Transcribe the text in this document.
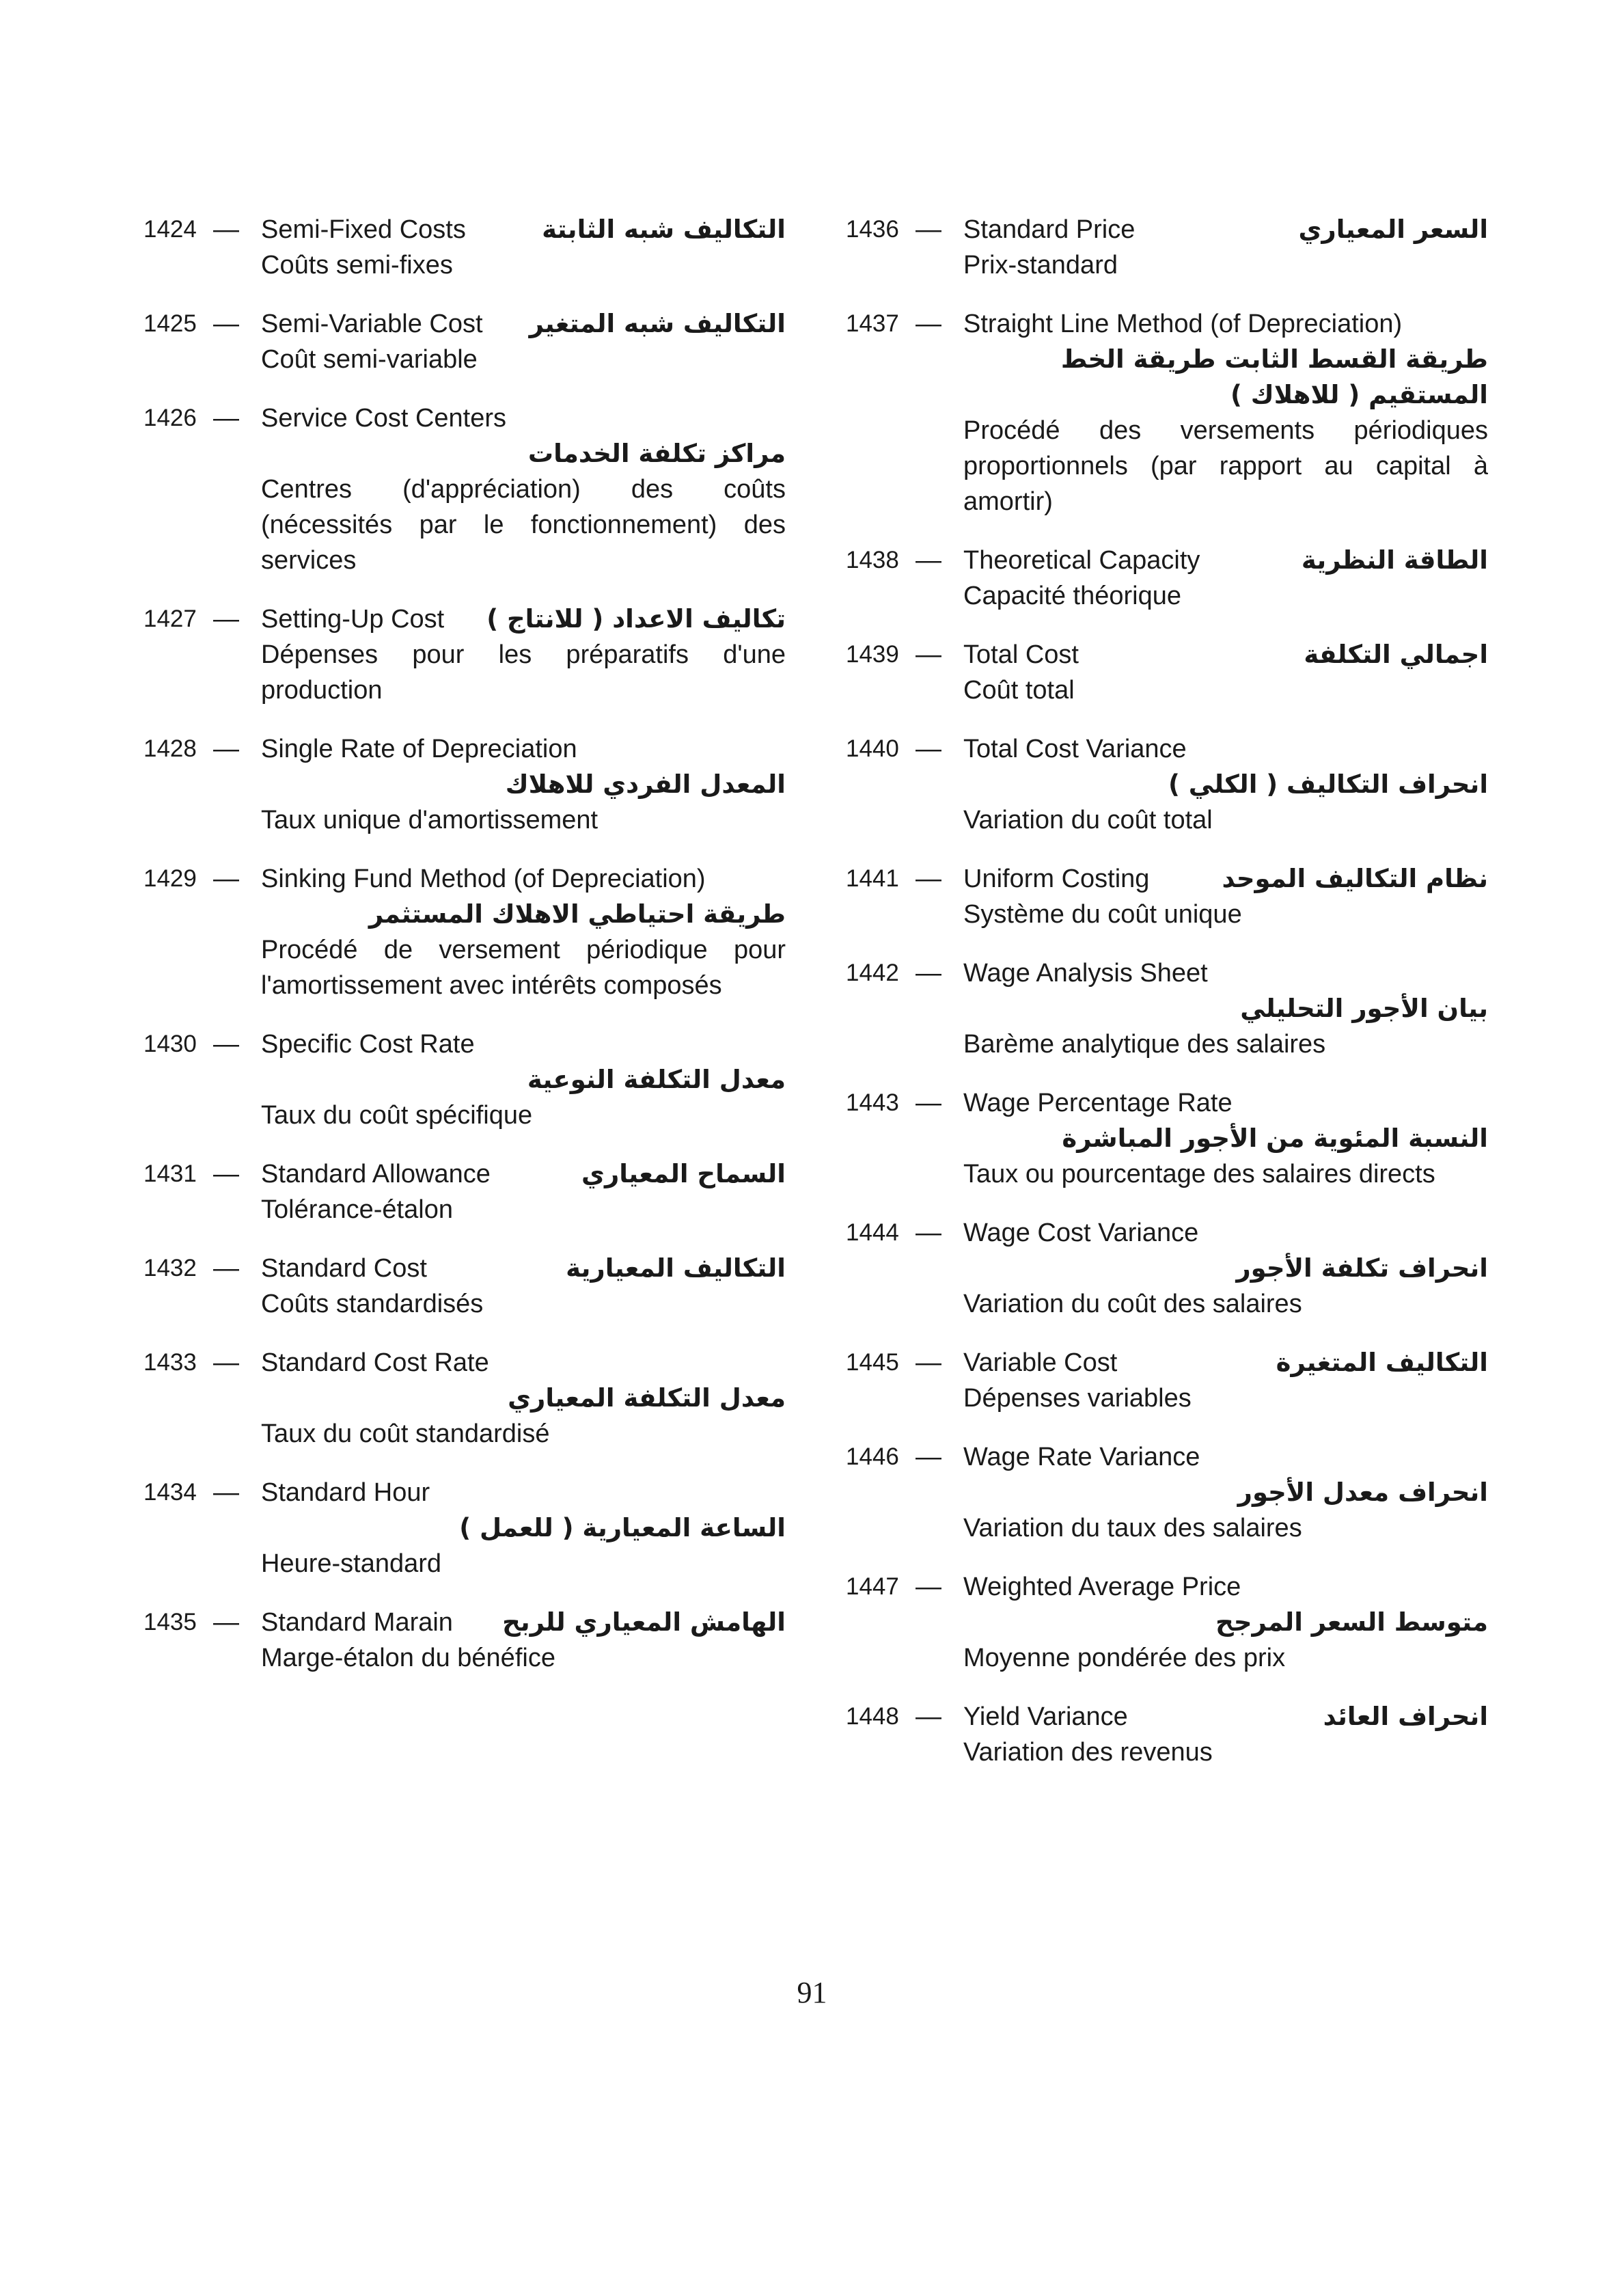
1424 — Semi-Fixed Costs	التكاليف شبه الثابتة
Coûts semi-fixes
1425 — Semi-Variable Cost التكاليف شبه المتغير
Coût semi-variable
1426 — Service Cost Centers
مراكز تكلفة الخدمات
Centres (d'appréciation) des coûts (nécessités par le fonctionnement) des services
1427 — Setting-Up Cost تكاليف الاعداد ( للانتاج )
Dépenses pour les préparatifs d'une production
1428 — Single Rate of Depreciation
المعدل الفردي للاهلاك
Taux unique d'amortissement
1429 — Sinking Fund Method (of Depreciation)
طريقة احتياطي الاهلاك المستثمر
Procédé de versement périodique pour l'amortissement avec intérêts composés
1430 — Specific Cost Rate
معدل التكلفة النوعية
Taux du coût spécifique
1431 — Standard Allowance	السماح المعياري
Tolérance-étalon
1432 — Standard Cost	التكاليف المعيارية
Coûts standardisés
1433 — Standard Cost Rate
معدل التكلفة المعياري
Taux du coût standardisé
1434 — Standard Hour
الساعة المعيارية ( للعمل )
Heure-standard
1435 — Standard Marain الهامش المعياري للربح
Marge-étalon du bénéfice
1436 — Standard Price	السعر المعياري
Prix-standard
1437 — Straight Line Method (of Depreciation)
طريقة القسط الثابت طريقة الخط المستقيم ( للاهلاك )
Procédé des versements périodiques proportionnels (par rapport au capital à amortir)
1438 — Theoretical Capacity	الطاقة النظرية
Capacité théorique
1439 — Total Cost	اجمالي التكلفة
Coût total
1440 — Total Cost Variance
انحراف التكاليف ( الكلي )
Variation du coût total
1441 — Uniform Costing	نظام التكاليف الموحد
Système du coût unique
1442 — Wage Analysis Sheet
بيان الأجور التحليلي
Barème analytique des salaires
1443 — Wage Percentage Rate
النسبة المئوية من الأجور المباشرة
Taux ou pourcentage des salaires directs
1444 — Wage Cost Variance
انحراف تكلفة الأجور
Variation du coût des salaires
1445 — Variable Cost	التكاليف المتغيرة
Dépenses variables
1446 — Wage Rate Variance
انحراف معدل الأجور
Variation du taux des salaires
1447 — Weighted Average Price
متوسط السعر المرجح
Moyenne pondérée des prix
1448 — Yield Variance	انحراف العائد
Variation des revenus
91
